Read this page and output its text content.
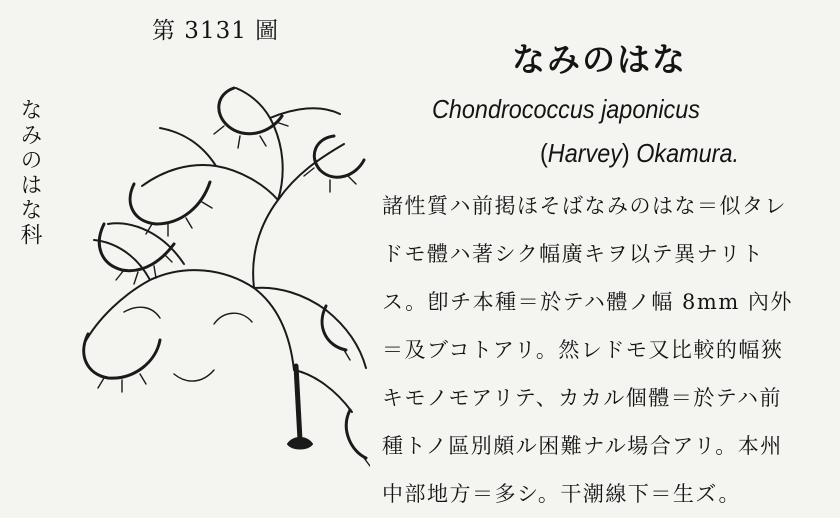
第 3131 圖
なみのはな科
なみのはな
Chondrococcus japonicus
(Harvey) Okamura.
諸性質ハ前掲ほそばなみのはな＝似タレ
ドモ體ハ著シク幅廣キヲ以テ異ナリト
ス。卽チ本種＝於テハ體ノ幅 8mm 內外
＝及ブコトアリ。然レドモ又比較的幅狹
キモノモアリテ、カカル個體＝於テハ前
種トノ區別頗ル困難ナル場合アリ。本州
中部地方＝多シ。干潮線下＝生ズ。
